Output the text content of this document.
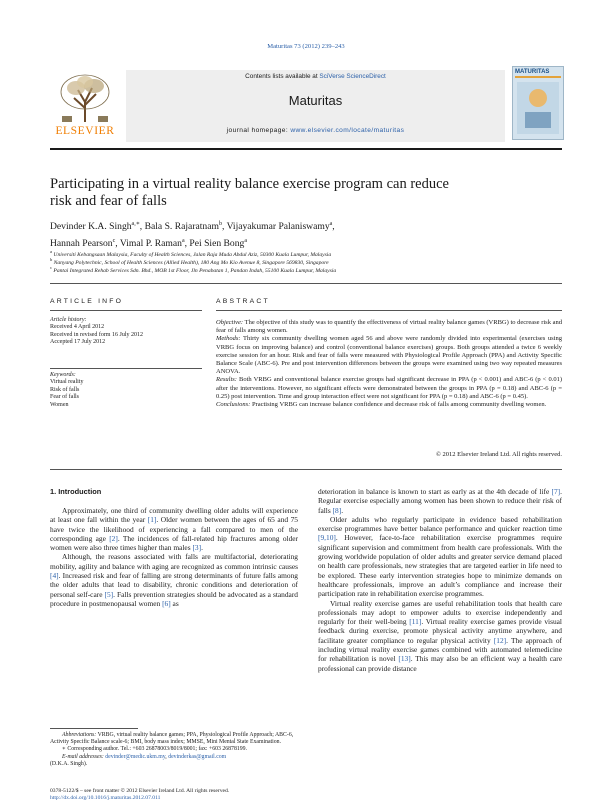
Maturitas 73 (2012) 239–243
ELSEVIER
Contents lists available at SciVerse ScienceDirect
Maturitas
journal homepage: www.elsevier.com/locate/maturitas
MATURITAS
Participating in a virtual reality balance exercise program can reduce risk and fear of falls
Devinder K.A. Singh$^{a,∗}$, Bala S. Rajaratnam$^b$, Vijayakumar Palaniswamy$^a$,
Hannah Pearson$^c$, Vimal P. Raman$^a$, Pei Sien Bong$^a$
$^a$ Universiti Kebangsaan Malaysia, Faculty of Health Sciences, Jalan Raja Muda Abdul Aziz, 50300 Kuala Lumpur, Malaysia
$^b$ Nanyang Polytechnic, School of Health Sciences (Allied Health), 180 Ang Mo Kio Avenue 8, Singapore 569830, Singapore
$^c$ Pantai Integrated Rehab Services Sdn. Bhd., MOB 1st Floor, Jln Penabatan 1, Pandan Indah, 55100 Kuala Lumpur, Malaysia
ARTICLE INFO
Article history:
Received 4 April 2012
Received in revised form 16 July 2012
Accepted 17 July 2012
Keywords:
Virtual reality
Risk of falls
Fear of falls
Women
ABSTRACT
Objective: The objective of this study was to quantify the effectiveness of virtual reality balance games (VRBG) to decrease risk and fear of falls among women.
Methods: Thirty six community dwelling women aged 56 and above were randomly divided into experimental (exercises using VRBG focus on improving balance) and control (conventional balance exercises) groups. Both groups attended a twice 6 weekly exercise session for an hour. Risk and fear of falls were measured with Physiological Profile Approach (PPA) and Activity Specific Balance Scale (ABC-6). Pre and post intervention differences between the groups were examined using two way repeated measures ANOVA.
Results: Both VRBG and conventional balance exercise groups had significant decrease in PPA (p < 0.001) and ABC-6 (p < 0.01) after the interventions. However, no significant effects were demonstrated between the groups in PPA (p = 0.18) and ABC-6 (p = 0.25) post intervention. Time and group interaction effect were not significant for PPA (p = 0.18) and ABC-6 (p = 0.45).
Conclusions: Practising VRBG can increase balance confidence and decrease risk of falls among community dwelling women.
© 2012 Elsevier Ireland Ltd. All rights reserved.
1. Introduction

Approximately, one third of community dwelling older adults will experience at least one fall within the year [1]. Older women between the ages of 65 and 75 have twice the likelihood of experiencing a fall compared to men of the corresponding age [2]. The incidences of fall-related hip fractures among older women were also three times higher than males [3].

Although, the reasons associated with falls are multifactorial, deteriorating mobility, agility and balance with aging are recognized as common intrinsic causes [4]. Increased risk and fear of falling are strong determinants of future falls among the older adults that lead to disability, chronic conditions and deterioration of personal self-care [5]. Falls prevention strategies should be advocated as a standard procedure in postmenopausal women [6] as

Abbreviations: VRBG, virtual reality balance games; PPA, Physiological Profile Approach; ABC-6, Activity Specific Balance scale-6; BMI, body mass index; MMSE, Mini Mental State Examination.
∗ Corresponding author. Tel.: +603 26878003/8019/8001; fax: +603 26878199.
E-mail addresses: devinder@medic.ukm.my, devinderkas@gmail.com
(D.K.A. Singh).
0378-5122/$ – see front matter © 2012 Elsevier Ireland Ltd. All rights reserved.
http://dx.doi.org/10.1016/j.maturitas.2012.07.011

deterioration in balance is known to start as early as at the 4th decade of life [7]. Regular exercise especially among women has been shown to reduce their risk of falls [8].

Older adults who regularly participate in evidence based rehabilitation exercise programmes have better balance performance and quicker reaction time [9,10]. However, face-to-face rehabilitation exercise programmes require significant supervision and commitment from health care professionals. With the growing worldwide population of older adults and greater service demand placed on health care professionals, new strategies that are targeted earlier in life need to be explored. These early intervention strategies hope to minimize demands on healthcare professionals, improve an adult’s compliance and increase their participation rate in rehabilitation exercise programmes.

Virtual reality exercise games are useful rehabilitation tools that health care professionals may adopt to empower adults to exercise independently and regularly for their well-being [11]. Virtual reality exercise games provide visual feedback during exercise, promote physical activity anytime anywhere, and facilitate greater compliance to regular physical activity [12]. The approach of including virtual reality exercise games combined with automated telemedicine for rehabilitation is novel [13]. This may also be an efficient way a health care professional can provide distance
